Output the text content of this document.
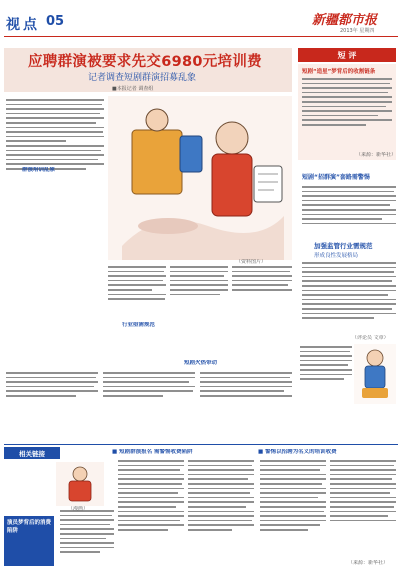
视点 05	新疆都市报
2013年 星期四
应聘群演被要求先交6980元培训费
记者调查短剧群演招募乱象
■本报记者 调查组
（资料图片）
群演培训乱象
行业亟需规范
短剧火热带动
短 评
短剧“造星”梦背后的收割链条
（来源：新华社）
短剧“招群演”套路需警惕
加强监管行业需规范
形成良性发展格局
（评论员 文章）
相关链接
演员梦背后的消费陷阱
■ 短剧群演报名 需警惕收费陷阱	■ 警惕以招聘为名义的培训收费
（漫画）
（来源：新华社）
